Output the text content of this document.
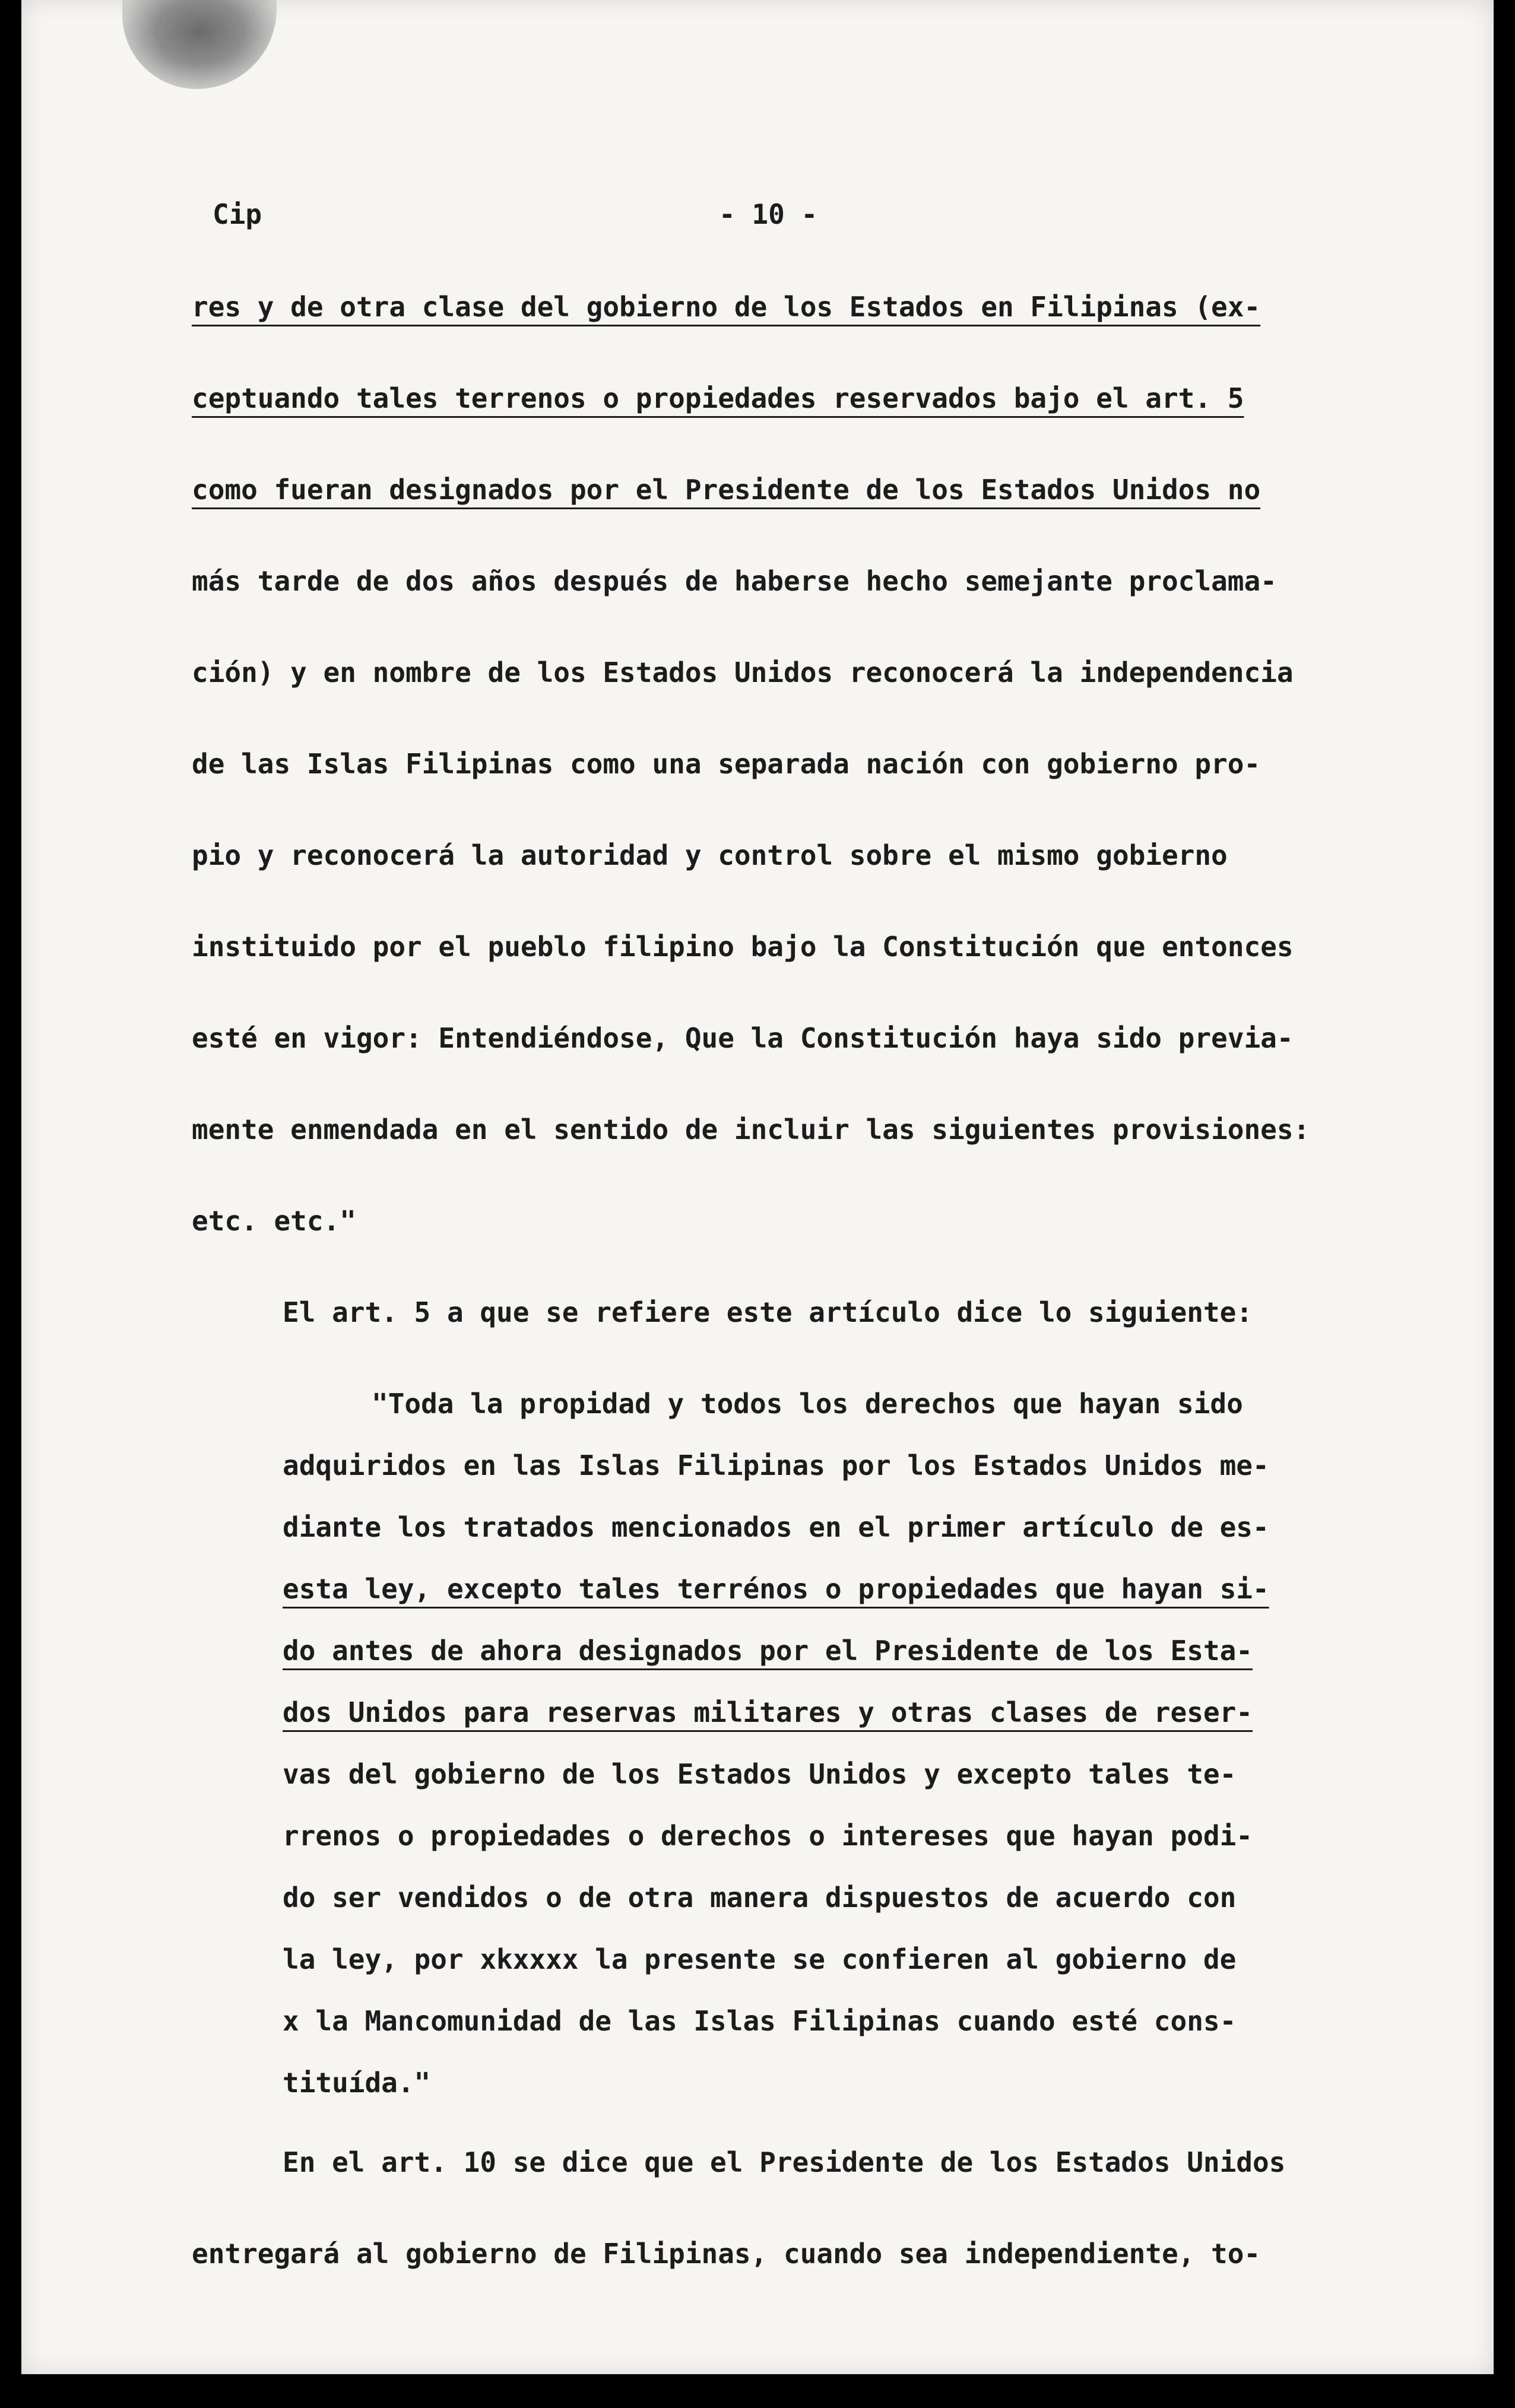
Cip	- 10 -
res y de otra clase del gobierno de los Estados en Filipinas (ex-
ceptuando tales terrenos o propiedades reservados bajo el art. 5
como fueran designados por el Presidente de los Estados Unidos no
más tarde de dos años después de haberse hecho semejante proclama-
ción) y en nombre de los Estados Unidos reconocerá la independencia
de las Islas Filipinas como una separada nación con gobierno pro-
pio y reconocerá la autoridad y control sobre el mismo gobierno
instituido por el pueblo filipino bajo la Constitución que entonces
esté en vigor: Entendiéndose, Que la Constitución haya sido previa-
mente enmendada en el sentido de incluir las siguientes provisiones:
etc. etc."
El art. 5 a que se refiere este artículo dice lo siguiente:
"Toda la propidad y todos los derechos que hayan sido
adquiridos en las Islas Filipinas por los Estados Unidos me-
diante los tratados mencionados en el primer artículo de es-
esta ley, excepto tales terrénos o propiedades que hayan si-
do antes de ahora designados por el Presidente de los Esta-
dos Unidos para reservas militares y otras clases de reser-
vas del gobierno de los Estados Unidos y excepto tales te-
rrenos o propiedades o derechos o intereses que hayan podi-
do ser vendidos o de otra manera dispuestos de acuerdo con
la ley, por xkxxxx la presente se confieren al gobierno de
x la Mancomunidad de las Islas Filipinas cuando esté cons-
tituída."
En el art. 10 se dice que el Presidente de los Estados Unidos
entregará al gobierno de Filipinas, cuando sea independiente, to-
